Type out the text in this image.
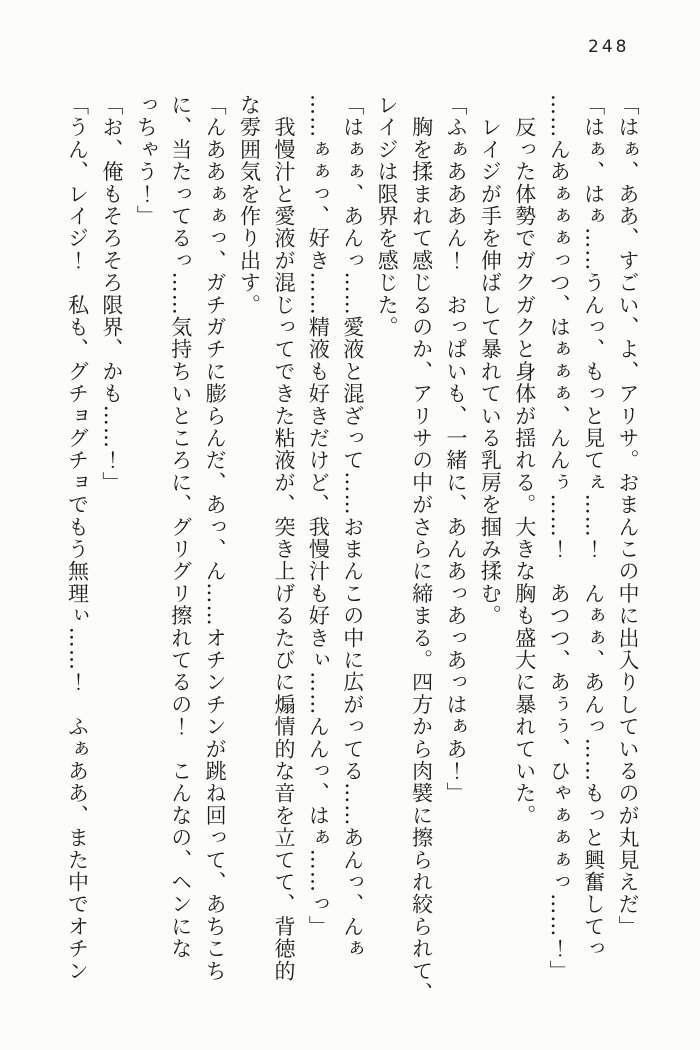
248
「はぁ、ああ、すごい、よ、アリサ。おまんこの中に出入りしているのが丸見えだ」
「はぁ、はぁ……うんっ、もっと見てぇ……！　んぁぁ、あんっ……もっと興奮してっ
……んあぁぁぁっつ、はぁぁぁ、んんぅ……！　あつつ、あぅぅ、ひゃぁぁぁっ……！」
　反った体勢でガクガクと身体が揺れる。大きな胸も盛大に暴れていた。
　レイジが手を伸ばして暴れている乳房を掴み揉む。
「ふぁあああん！　おっぱいも、一緒に、あんあっあっあっはぁあ！」
　胸を揉まれて感じるのか、アリサの中がさらに締まる。四方から肉襞に擦られ絞られて、
レイジは限界を感じた。
「はぁぁ、あんっ……愛液と混ざって……おまんこの中に広がってる……あんっ、んぁ
……ぁぁっ、好き……精液も好きだけど、我慢汁も好きぃ……んんっ、はぁ……っ」
　我慢汁と愛液が混じってできた粘液が、突き上げるたびに煽情的な音を立てて、背徳的
な雰囲気を作り出す。
「んああぁぁっ、ガチガチに膨らんだ、あっ、ん……オチンチンが跳ね回って、あちこち
に、当たってるっ……気持ちいところに、グリグリ擦れてるの！　こんなの、ヘンにな
っちゃう！」
「お、俺もそろそろ限界、かも……！」
「うん、レイジ！　私も、グチョグチョでもう無理ぃ……！　ふぁああ、また中でオチン
